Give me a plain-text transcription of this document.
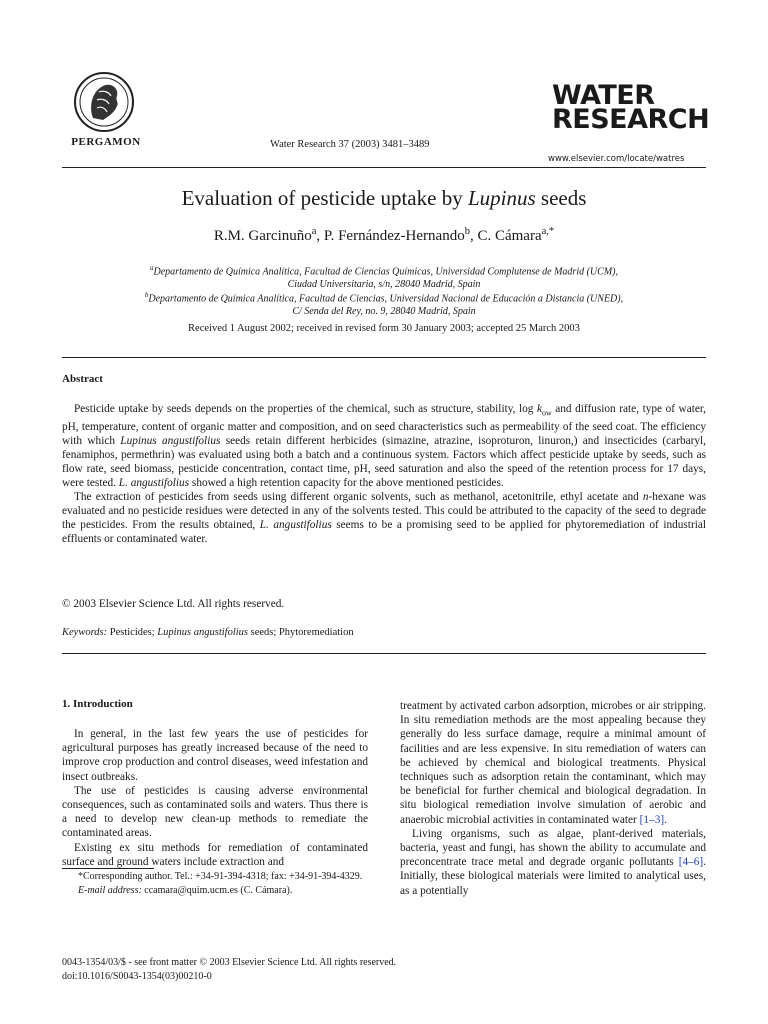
PERGAMON	Water Research 37 (2003) 3481–3489
WATER
RESEARCH
www.elsevier.com/locate/watres
Evaluation of pesticide uptake by Lupinus seeds
R.M. Garcinuño$^a$, P. Fernández-Hernando$^b$, C. Cámara$^{a,*}$
$^a$Departamento de Química Analítica, Facultad de Ciencias Químicas, Universidad Complutense de Madrid (UCM),
Ciudad Universitaria, s/n, 28040 Madrid, Spain
$^b$Departamento de Química Analítica, Facultad de Ciencias, Universidad Nacional de Educación a Distancia (UNED),
C/ Senda del Rey, no. 9, 28040 Madrid, Spain
Received 1 August 2002; received in revised form 30 January 2003; accepted 25 March 2003
Abstract

Pesticide uptake by seeds depends on the properties of the chemical, such as structure, stability, $\log k_{ow}$ and diffusion rate, type of water, pH, temperature, content of organic matter and composition, and on seed characteristics such as permeability of the seed coat. The efficiency with which Lupinus angustifolius seeds retain different herbicides (simazine, atrazine, isoproturon, linuron,) and insecticides (carbaryl, fenamiphos, permethrin) was evaluated using both a batch and a continuous system. Factors which affect pesticide uptake by seeds, such as flow rate, seed biomass, pesticide concentration, contact time, pH, seed saturation and also the speed of the retention process for 17 days, were tested. L. angustifolius showed a high retention capacity for the above mentioned pesticides.

The extraction of pesticides from seeds using different organic solvents, such as methanol, acetonitrile, ethyl acetate and n-hexane was evaluated and no pesticide residues were detected in any of the solvents tested. This could be attributed to the capacity of the seed to degrade the pesticides. From the results obtained, L. angustifolius seems to be a promising seed to be applied for phytoremediation of industrial effluents or contaminated water.

© 2003 Elsevier Science Ltd. All rights reserved.
Keywords: Pesticides; Lupinus angustifolius seeds; Phytoremediation
1. Introduction

In general, in the last few years the use of pesticides for agricultural purposes has greatly increased because of the need to improve crop production and control diseases, weed infestation and insect outbreaks.

The use of pesticides is causing adverse environmental consequences, such as contaminated soils and waters. Thus there is a need to develop new clean-up methods to remediate the contaminated areas.

Existing ex situ methods for remediation of contaminated surface and ground waters include extraction and

treatment by activated carbon adsorption, microbes or air stripping. In situ remediation methods are the most appealing because they generally do less surface damage, require a minimal amount of facilities and are less expensive. In situ remediation of waters can be achieved by chemical and biological treatments. Physical techniques such as adsorption retain the contaminant, which may be beneficial for further chemical and biological degradation. In situ biological remediation involve simulation of aerobic and anaerobic microbial activities in contaminated water [1–3].

Living organisms, such as algae, plant-derived materials, bacteria, yeast and fungi, has shown the ability to accumulate and preconcentrate trace metal and degrade organic pollutants [4–6]. Initially, these biological materials were limited to analytical uses, as a potentially

*Corresponding author. Tel.: +34-91-394-4318; fax: +34-91-394-4329.

E-mail address: ccamara@quim.ucm.es (C. Cámara).

0043-1354/03/$ - see front matter © 2003 Elsevier Science Ltd. All rights reserved.
doi:10.1016/S0043-1354(03)00210-0
